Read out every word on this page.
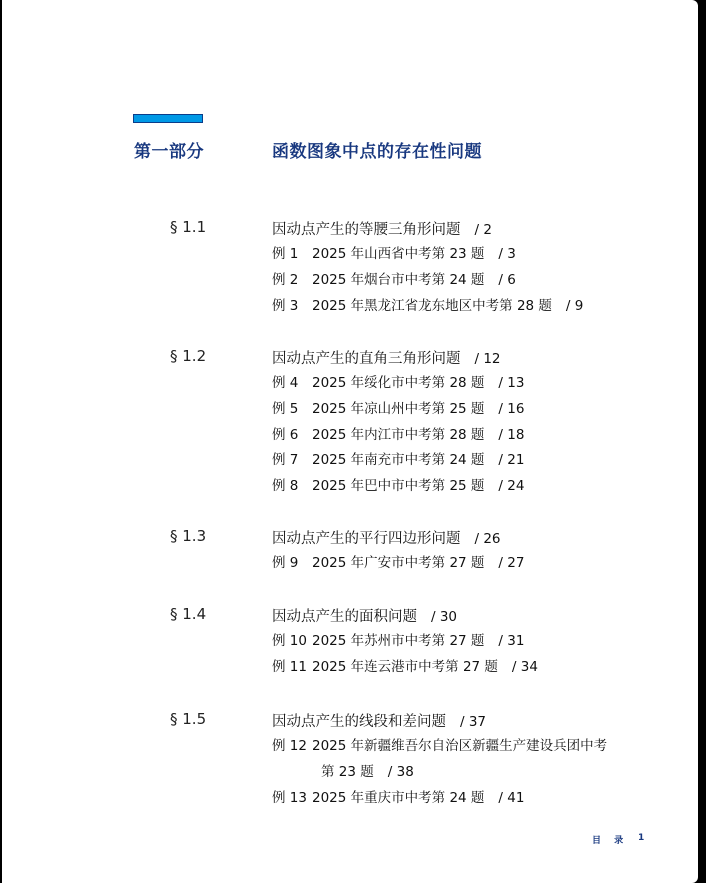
第一部分	函数图象中点的存在性问题
§ 1.1	因动点产生的等腰三角形问题 / 2
例 1 2025 年山西省中考第 23 题 / 3
例 2 2025 年烟台市中考第 24 题 / 6
例 3 2025 年黑龙江省龙东地区中考第 28 题 / 9
§ 1.2	因动点产生的直角三角形问题 / 12
例 4 2025 年绥化市中考第 28 题 / 13
例 5 2025 年凉山州中考第 25 题 / 16
例 6 2025 年内江市中考第 28 题 / 18
例 7 2025 年南充市中考第 24 题 / 21
例 8 2025 年巴中市中考第 25 题 / 24
§ 1.3	因动点产生的平行四边形问题 / 26
例 9 2025 年广安市中考第 27 题 / 27
§ 1.4	因动点产生的面积问题 / 30
例 10 2025 年苏州市中考第 27 题 / 31
例 11 2025 年连云港市中考第 27 题 / 34
§ 1.5	因动点产生的线段和差问题 / 37
例 12 2025 年新疆维吾尔自治区新疆生产建设兵团中考
第 23 题 / 38
例 13 2025 年重庆市中考第 24 题 / 41
目 录 1
